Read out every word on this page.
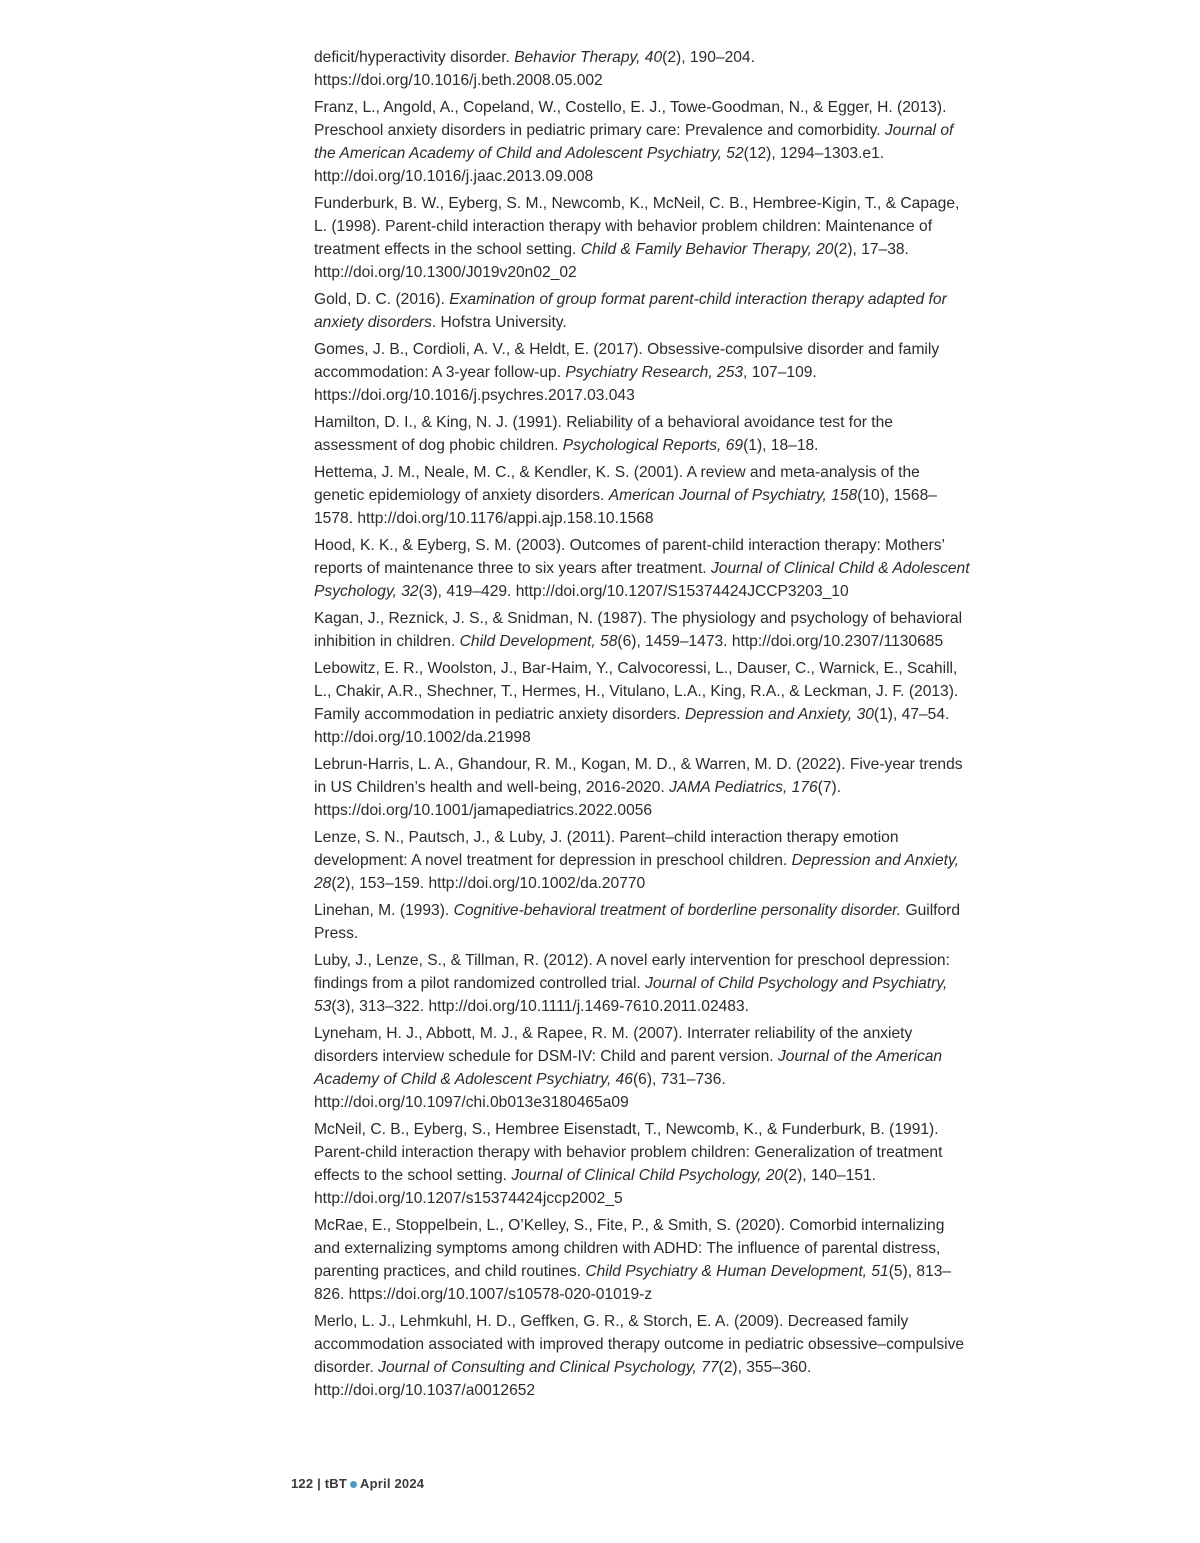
deficit/hyperactivity disorder. Behavior Therapy, 40(2), 190–204. https://doi.org/10.1016/j.beth.2008.05.002

Franz, L., Angold, A., Copeland, W., Costello, E. J., Towe-Goodman, N., & Egger, H. (2013). Preschool anxiety disorders in pediatric primary care: Prevalence and comorbidity. Journal of the American Academy of Child and Adolescent Psychiatry, 52(12), 1294–1303.e1. http://doi.org/10.1016/j.jaac.2013.09.008

Funderburk, B. W., Eyberg, S. M., Newcomb, K., McNeil, C. B., Hembree-Kigin, T., & Capage, L. (1998). Parent-child interaction therapy with behavior problem children: Maintenance of treatment effects in the school setting. Child & Family Behavior Therapy, 20(2), 17–38. http://doi.org/10.1300/J019v20n02_02

Gold, D. C. (2016). Examination of group format parent-child interaction therapy adapted for anxiety disorders. Hofstra University.

Gomes, J. B., Cordioli, A. V., & Heldt, E. (2017). Obsessive-compulsive disorder and family accommodation: A 3-year follow-up. Psychiatry Research, 253, 107–109. https://doi.org/10.1016/j.psychres.2017.03.043

Hamilton, D. I., & King, N. J. (1991). Reliability of a behavioral avoidance test for the assessment of dog phobic children. Psychological Reports, 69(1), 18–18.

Hettema, J. M., Neale, M. C., & Kendler, K. S. (2001). A review and meta-analysis of the genetic epidemiology of anxiety disorders. American Journal of Psychiatry, 158(10), 1568–1578. http://doi.org/10.1176/appi.ajp.158.10.1568

Hood, K. K., & Eyberg, S. M. (2003). Outcomes of parent-child interaction therapy: Mothers’ reports of maintenance three to six years after treatment. Journal of Clinical Child & Adolescent Psychology, 32(3), 419–429. http://doi.org/10.1207/S15374424JCCP3203_10

Kagan, J., Reznick, J. S., & Snidman, N. (1987). The physiology and psychology of behavioral inhibition in children. Child Development, 58(6), 1459–1473. http://doi.org/10.2307/1130685

Lebowitz, E. R., Woolston, J., Bar-Haim, Y., Calvocoressi, L., Dauser, C., Warnick, E., Scahill, L., Chakir, A.R., Shechner, T., Hermes, H., Vitulano, L.A., King, R.A., & Leckman, J. F. (2013). Family accommodation in pediatric anxiety disorders. Depression and Anxiety, 30(1), 47–54. http://doi.org/10.1002/da.21998

Lebrun-Harris, L. A., Ghandour, R. M., Kogan, M. D., & Warren, M. D. (2022). Five-year trends in US Children’s health and well-being, 2016-2020. JAMA Pediatrics, 176(7). https://doi.org/10.1001/jamapediatrics.2022.0056

Lenze, S. N., Pautsch, J., & Luby, J. (2011). Parent–child interaction therapy emotion development: A novel treatment for depression in preschool children. Depression and Anxiety, 28(2), 153–159. http://doi.org/10.1002/da.20770

Linehan, M. (1993). Cognitive-behavioral treatment of borderline personality disorder. Guilford Press.

Luby, J., Lenze, S., & Tillman, R. (2012). A novel early intervention for preschool depression: findings from a pilot randomized controlled trial. Journal of Child Psychology and Psychiatry, 53(3), 313–322. http://doi.org/10.1111/j.1469-7610.2011.02483.

Lyneham, H. J., Abbott, M. J., & Rapee, R. M. (2007). Interrater reliability of the anxiety disorders interview schedule for DSM-IV: Child and parent version. Journal of the American Academy of Child & Adolescent Psychiatry, 46(6), 731–736. http://doi.org/10.1097/chi.0b013e3180465a09

McNeil, C. B., Eyberg, S., Hembree Eisenstadt, T., Newcomb, K., & Funderburk, B. (1991). Parent-child interaction therapy with behavior problem children: Generalization of treatment effects to the school setting. Journal of Clinical Child Psychology, 20(2), 140–151. http://doi.org/10.1207/s15374424jccp2002_5

McRae, E., Stoppelbein, L., O’Kelley, S., Fite, P., & Smith, S. (2020). Comorbid internalizing and externalizing symptoms among children with ADHD: The influence of parental distress, parenting practices, and child routines. Child Psychiatry & Human Development, 51(5), 813–826. https://doi.org/10.1007/s10578-020-01019-z

Merlo, L. J., Lehmkuhl, H. D., Geffken, G. R., & Storch, E. A. (2009). Decreased family accommodation associated with improved therapy outcome in pediatric obsessive–compulsive disorder. Journal of Consulting and Clinical Psychology, 77(2), 355–360. http://doi.org/10.1037/a0012652

122 | tBT April 2024
